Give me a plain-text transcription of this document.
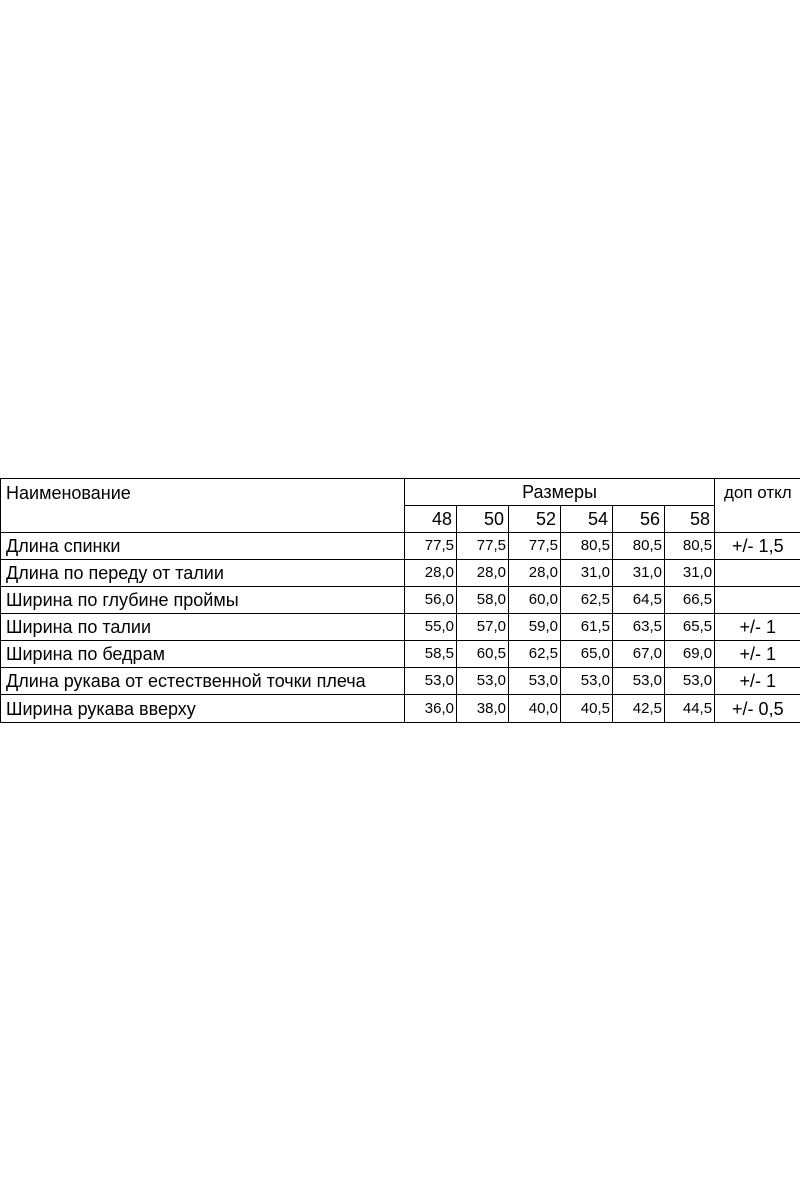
Наименование	Размеры						доп откл
	48	50	52	54	56	58	
Длина спинки	77,5	77,5	77,5	80,5	80,5	80,5	+/- 1,5
Длина по переду от талии	28,0	28,0	28,0	31,0	31,0	31,0	
Ширина по глубине проймы	56,0	58,0	60,0	62,5	64,5	66,5	
Ширина по талии	55,0	57,0	59,0	61,5	63,5	65,5	+/- 1
Ширина по бедрам	58,5	60,5	62,5	65,0	67,0	69,0	+/- 1
Длина рукава от естественной точки плеча	53,0	53,0	53,0	53,0	53,0	53,0	+/- 1
Ширина рукава вверху	36,0	38,0	40,0	40,5	42,5	44,5	+/- 0,5
